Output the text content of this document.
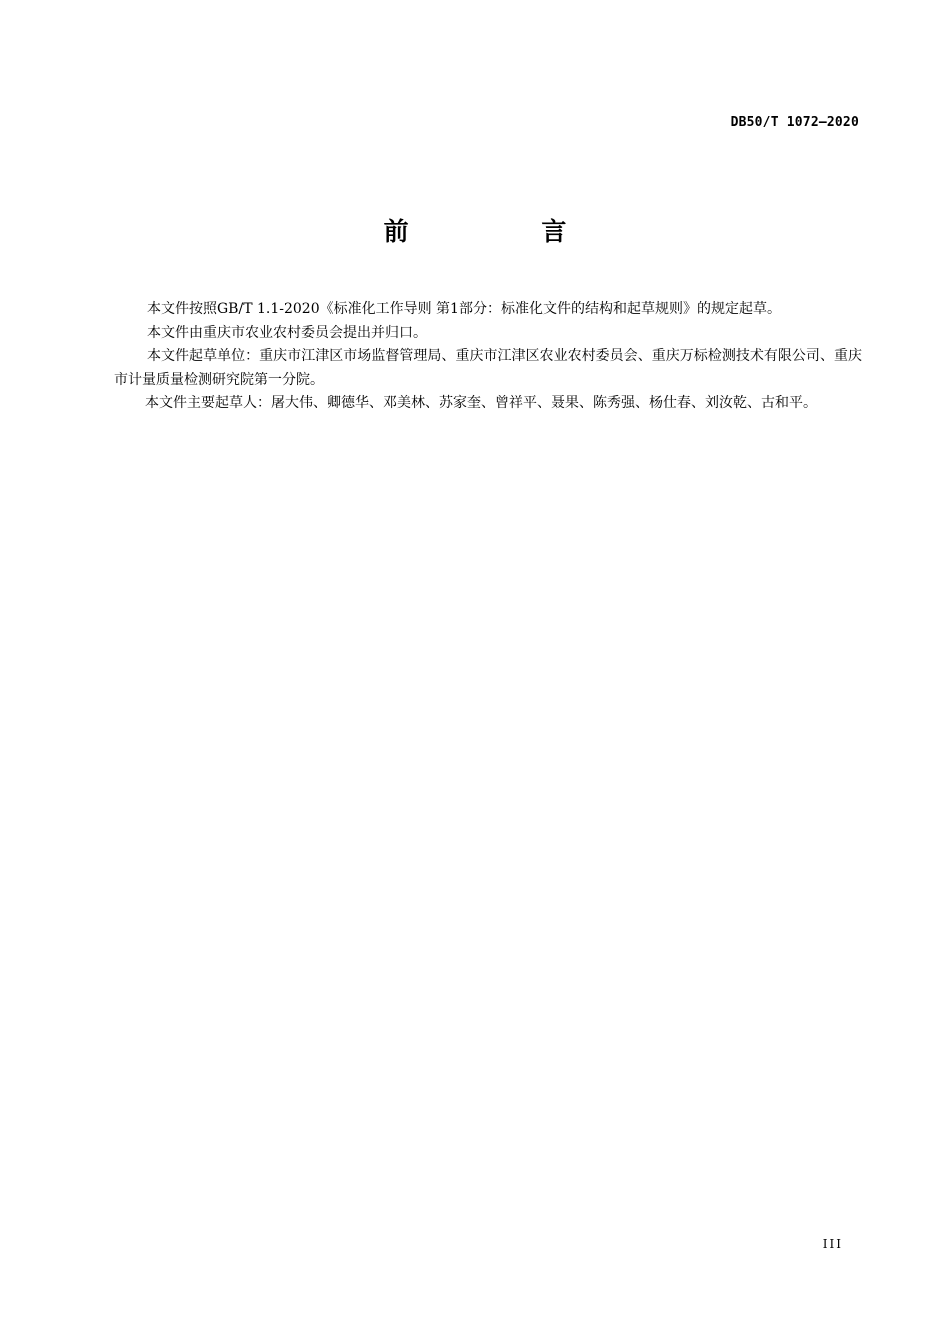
DB50/T 1072—2020
前 言

本文件按照GB/T 1.1-2020《标准化工作导则 第1部分：标准化文件的结构和起草规则》的规定起草。

本文件由重庆市农业农村委员会提出并归口。

本文件起草单位：重庆市江津区市场监督管理局、重庆市江津区农业农村委员会、重庆万标检测技术有限公司、重庆市计量质量检测研究院第一分院。

本文件主要起草人：屠大伟、卿德华、邓美林、苏家奎、曾祥平、聂果、陈秀强、杨仕春、刘汝乾、古和平。

III
